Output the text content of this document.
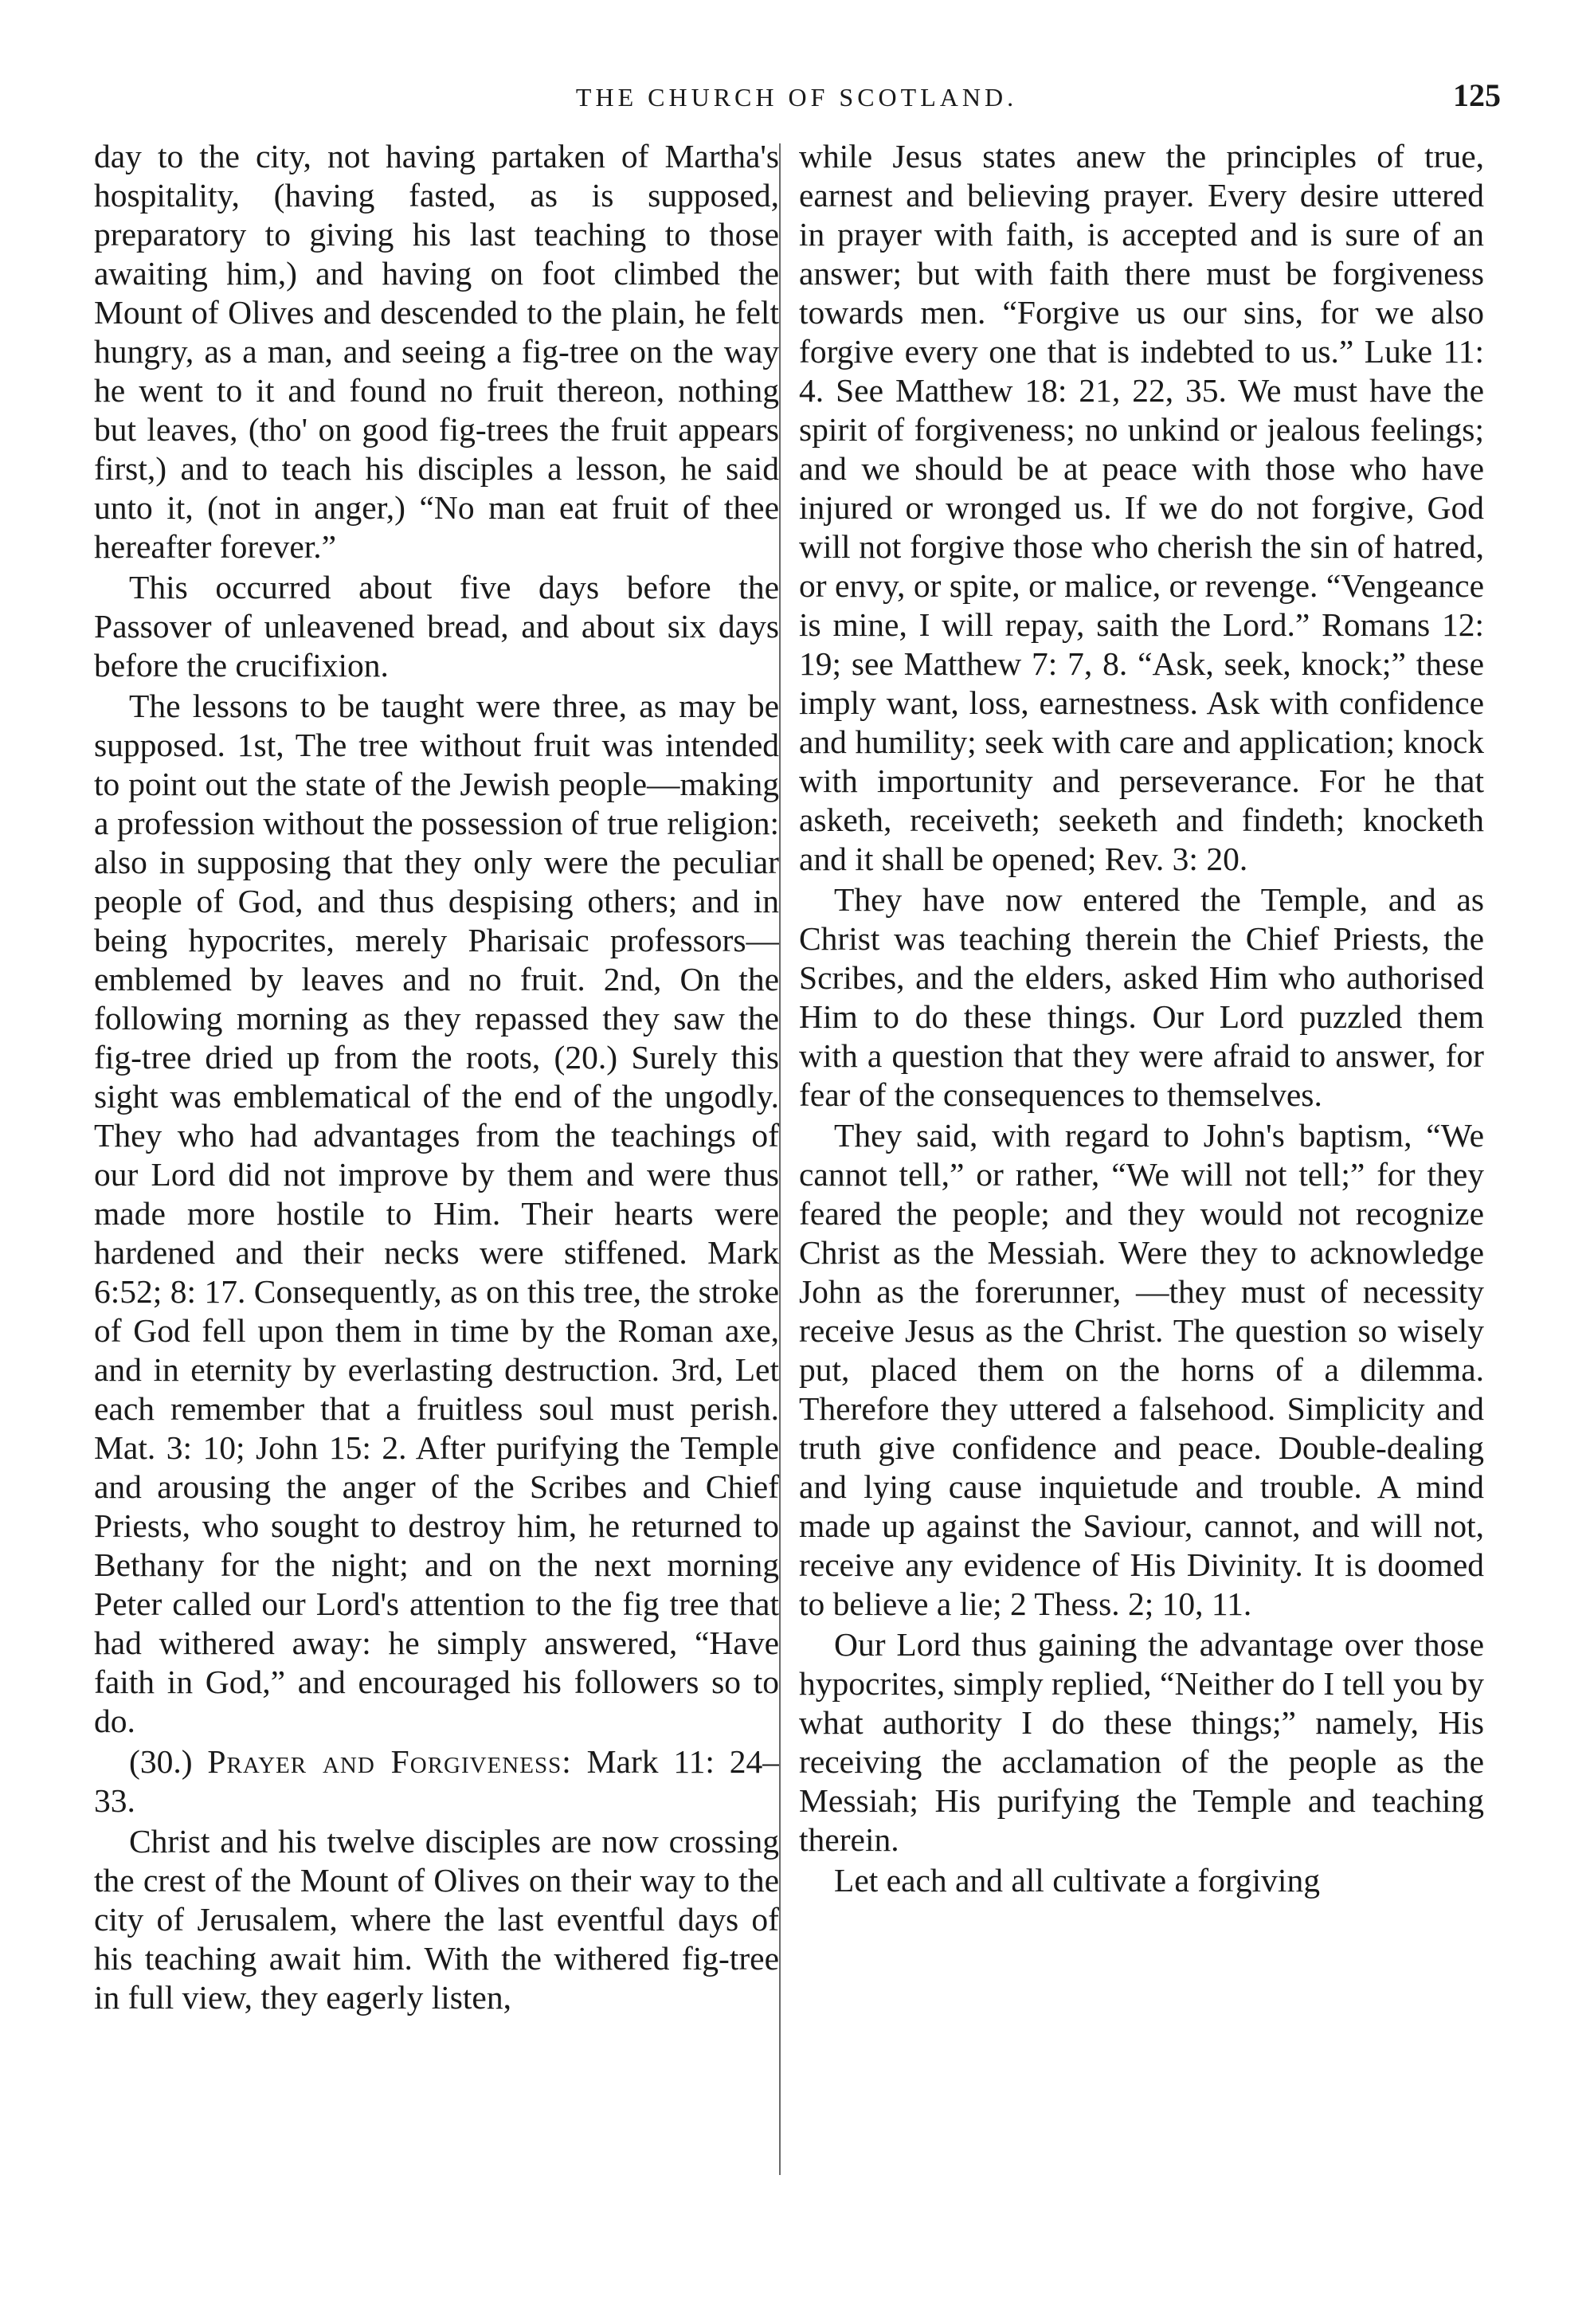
THE CHURCH OF SCOTLAND.	125

day to the city, not having partaken of Martha's hospitality, (having fasted, as is supposed, preparatory to giving his last teaching to those awaiting him,) and having on foot climbed the Mount of Olives and descended to the plain, he felt hungry, as a man, and seeing a fig-tree on the way he went to it and found no fruit thereon, nothing but leaves, (tho' on good fig-trees the fruit appears first,) and to teach his disciples a lesson, he said unto it, (not in anger,) “No man eat fruit of thee hereafter forever.”

This occurred about five days before the Passover of unleavened bread, and about six days before the crucifixion.

The lessons to be taught were three, as may be supposed. 1st, The tree without fruit was intended to point out the state of the Jewish people—making a profession without the possession of true religion: also in supposing that they only were the peculiar people of God, and thus despising others; and in being hypocrites, merely Pharisaic professors—emblemed by leaves and no fruit. 2nd, On the following morning as they repassed they saw the fig-tree dried up from the roots, (20.) Surely this sight was emblematical of the end of the ungodly. They who had advantages from the teachings of our Lord did not improve by them and were thus made more hostile to Him. Their hearts were hardened and their necks were stiffened. Mark 6:52; 8: 17. Consequently, as on this tree, the stroke of God fell upon them in time by the Roman axe, and in eternity by everlasting destruction. 3rd, Let each remember that a fruitless soul must perish. Mat. 3: 10; John 15: 2. After purifying the Temple and arousing the anger of the Scribes and Chief Priests, who sought to destroy him, he returned to Bethany for the night; and on the next morning Peter called our Lord's attention to the fig tree that had withered away: he simply answered, “Have faith in God,” and encouraged his followers so to do.

(30.) Prayer and Forgiveness: Mark 11: 24–33.

Christ and his twelve disciples are now crossing the crest of the Mount of Olives on their way to the city of Jerusalem, where the last eventful days of his teaching await him. With the withered fig-tree in full view, they eagerly listen,

while Jesus states anew the principles of true, earnest and believing prayer. Every desire uttered in prayer with faith, is accepted and is sure of an answer; but with faith there must be forgiveness towards men. “Forgive us our sins, for we also forgive every one that is indebted to us.” Luke 11: 4. See Matthew 18: 21, 22, 35. We must have the spirit of forgiveness; no unkind or jealous feelings; and we should be at peace with those who have injured or wronged us. If we do not forgive, God will not forgive those who cherish the sin of hatred, or envy, or spite, or malice, or revenge. “Vengeance is mine, I will repay, saith the Lord.” Romans 12: 19; see Matthew 7: 7, 8. “Ask, seek, knock;” these imply want, loss, earnestness. Ask with confidence and humility; seek with care and application; knock with importunity and perseverance. For he that asketh, receiveth; seeketh and findeth; knocketh and it shall be opened; Rev. 3: 20.

They have now entered the Temple, and as Christ was teaching therein the Chief Priests, the Scribes, and the elders, asked Him who authorised Him to do these things. Our Lord puzzled them with a question that they were afraid to answer, for fear of the consequences to themselves.

They said, with regard to John's baptism, “We cannot tell,” or rather, “We will not tell;” for they feared the people; and they would not recognize Christ as the Messiah. Were they to acknowledge John as the forerunner, —they must of necessity receive Jesus as the Christ. The question so wisely put, placed them on the horns of a dilemma. Therefore they uttered a falsehood. Simplicity and truth give confidence and peace. Double-dealing and lying cause inquietude and trouble. A mind made up against the Saviour, cannot, and will not, receive any evidence of His Divinity. It is doomed to believe a lie; 2 Thess. 2; 10, 11.

Our Lord thus gaining the advantage over those hypocrites, simply replied, “Neither do I tell you by what authority I do these things;” namely, His receiving the acclamation of the people as the Messiah; His purifying the Temple and teaching therein.

Let each and all cultivate a forgiving
